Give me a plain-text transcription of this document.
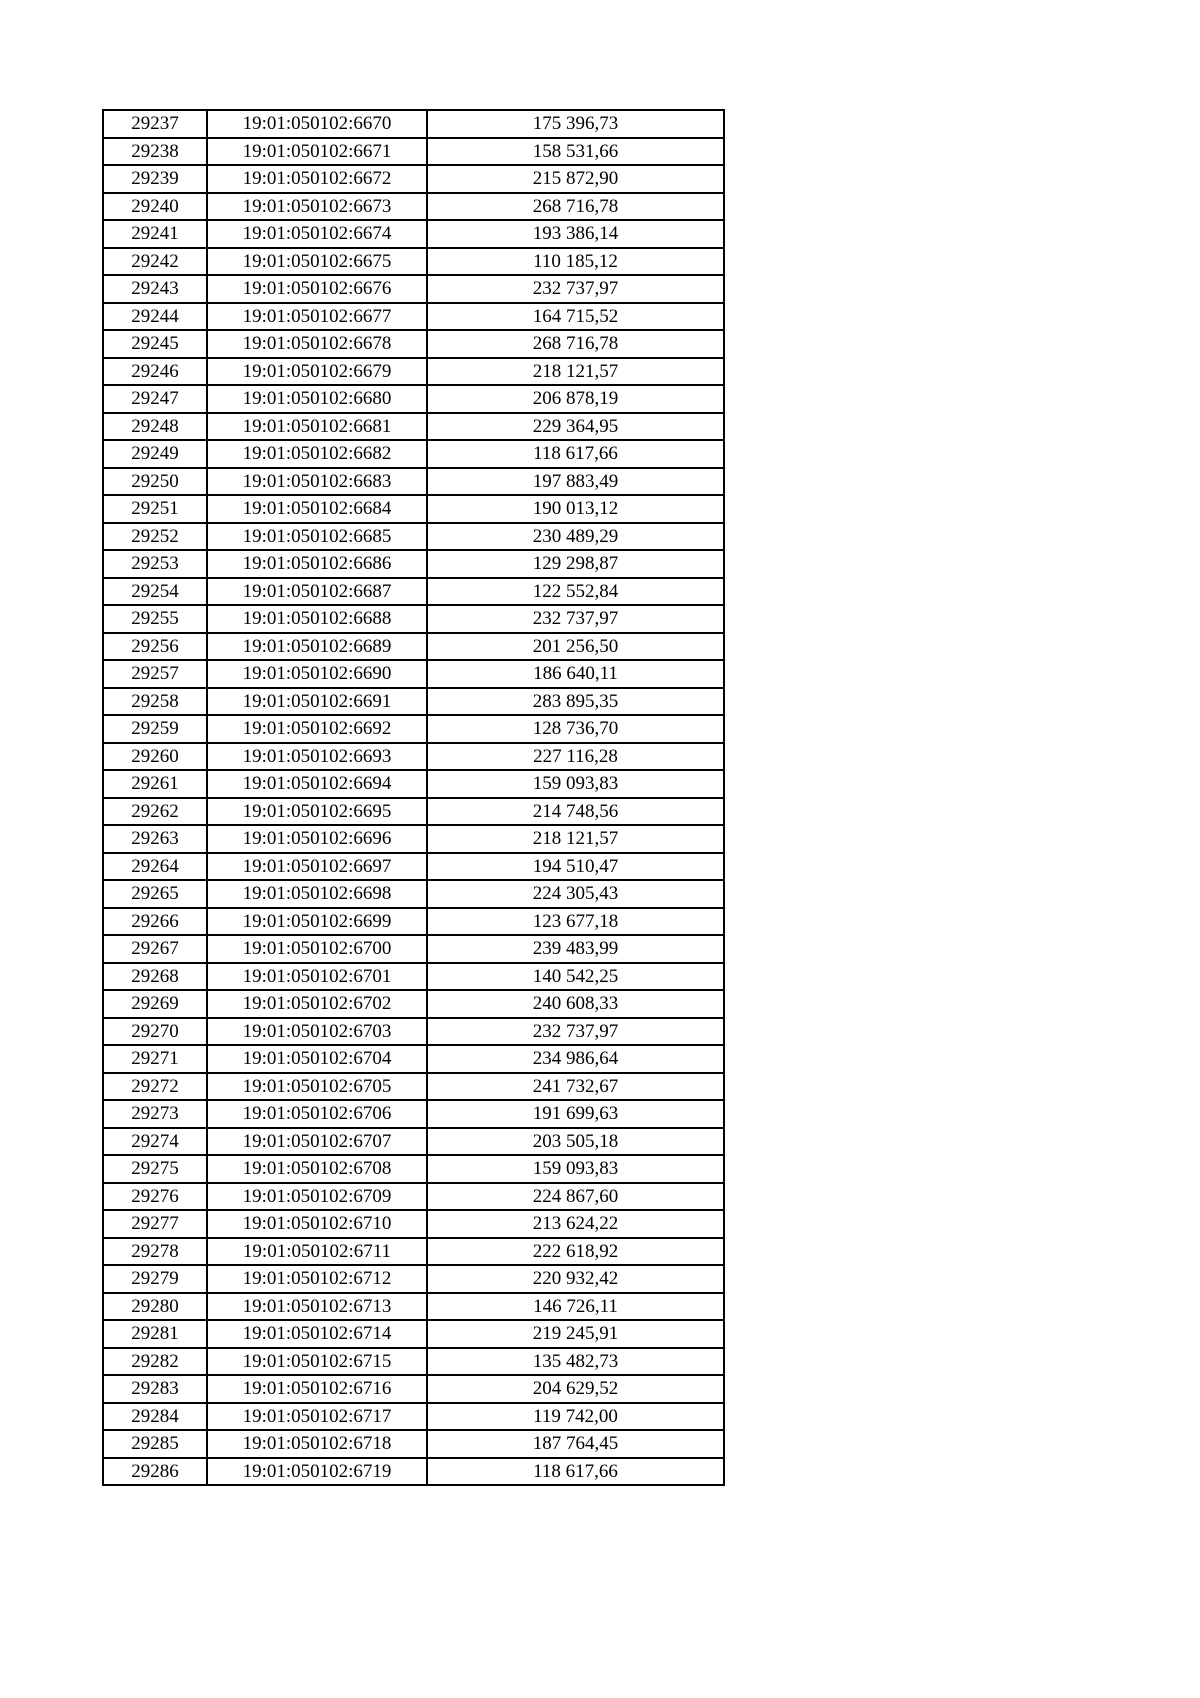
29237	19:01:050102:6670	175 396,73
29238	19:01:050102:6671	158 531,66
29239	19:01:050102:6672	215 872,90
29240	19:01:050102:6673	268 716,78
29241	19:01:050102:6674	193 386,14
29242	19:01:050102:6675	110 185,12
29243	19:01:050102:6676	232 737,97
29244	19:01:050102:6677	164 715,52
29245	19:01:050102:6678	268 716,78
29246	19:01:050102:6679	218 121,57
29247	19:01:050102:6680	206 878,19
29248	19:01:050102:6681	229 364,95
29249	19:01:050102:6682	118 617,66
29250	19:01:050102:6683	197 883,49
29251	19:01:050102:6684	190 013,12
29252	19:01:050102:6685	230 489,29
29253	19:01:050102:6686	129 298,87
29254	19:01:050102:6687	122 552,84
29255	19:01:050102:6688	232 737,97
29256	19:01:050102:6689	201 256,50
29257	19:01:050102:6690	186 640,11
29258	19:01:050102:6691	283 895,35
29259	19:01:050102:6692	128 736,70
29260	19:01:050102:6693	227 116,28
29261	19:01:050102:6694	159 093,83
29262	19:01:050102:6695	214 748,56
29263	19:01:050102:6696	218 121,57
29264	19:01:050102:6697	194 510,47
29265	19:01:050102:6698	224 305,43
29266	19:01:050102:6699	123 677,18
29267	19:01:050102:6700	239 483,99
29268	19:01:050102:6701	140 542,25
29269	19:01:050102:6702	240 608,33
29270	19:01:050102:6703	232 737,97
29271	19:01:050102:6704	234 986,64
29272	19:01:050102:6705	241 732,67
29273	19:01:050102:6706	191 699,63
29274	19:01:050102:6707	203 505,18
29275	19:01:050102:6708	159 093,83
29276	19:01:050102:6709	224 867,60
29277	19:01:050102:6710	213 624,22
29278	19:01:050102:6711	222 618,92
29279	19:01:050102:6712	220 932,42
29280	19:01:050102:6713	146 726,11
29281	19:01:050102:6714	219 245,91
29282	19:01:050102:6715	135 482,73
29283	19:01:050102:6716	204 629,52
29284	19:01:050102:6717	119 742,00
29285	19:01:050102:6718	187 764,45
29286	19:01:050102:6719	118 617,66
